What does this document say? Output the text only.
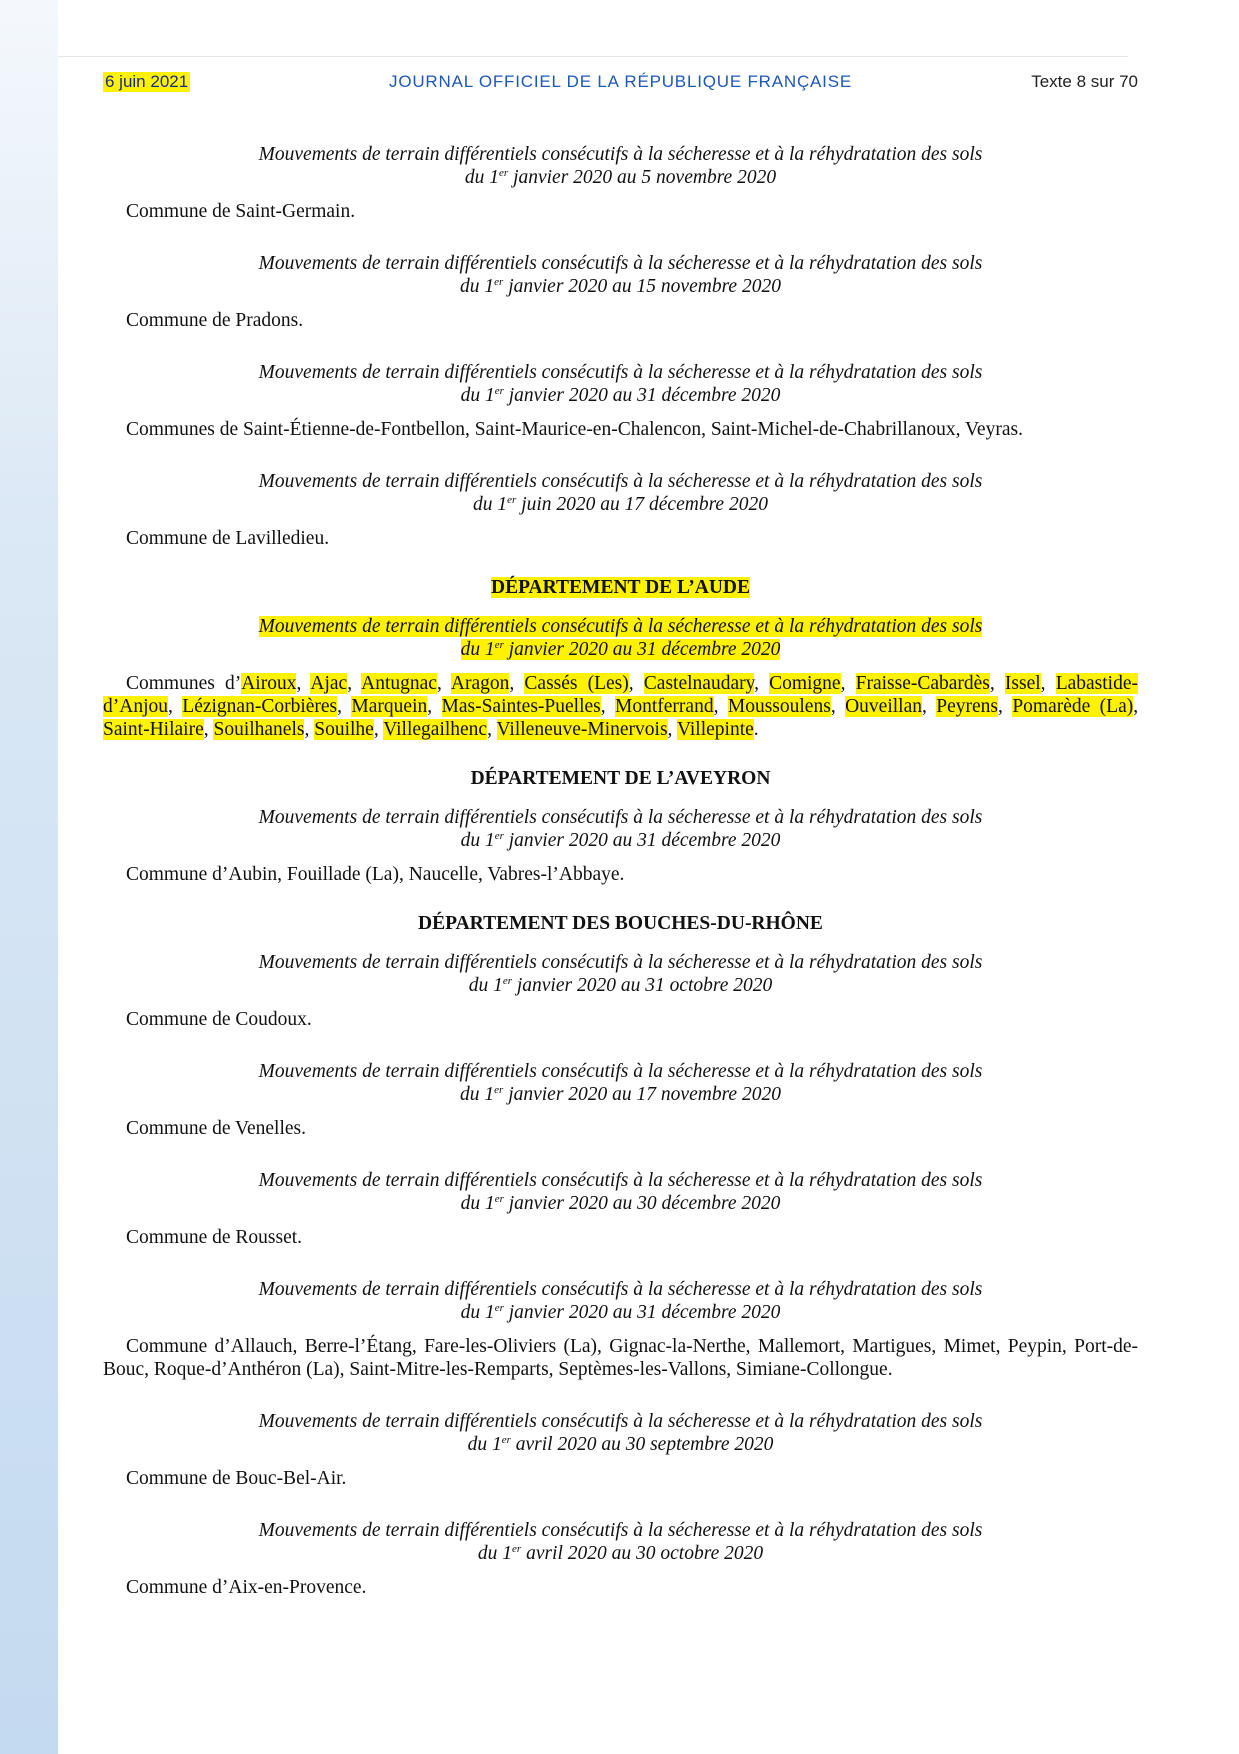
6 juin 2021	JOURNAL OFFICIEL DE LA RÉPUBLIQUE FRANÇAISE	Texte 8 sur 70
Mouvements de terrain différentiels consécutifs à la sécheresse et à la réhydratation des sols
du 1er janvier 2020 au 5 novembre 2020

Commune de Saint-Germain.

Mouvements de terrain différentiels consécutifs à la sécheresse et à la réhydratation des sols
du 1er janvier 2020 au 15 novembre 2020

Commune de Pradons.

Mouvements de terrain différentiels consécutifs à la sécheresse et à la réhydratation des sols
du 1er janvier 2020 au 31 décembre 2020

Communes de Saint-Étienne-de-Fontbellon, Saint-Maurice-en-Chalencon, Saint-Michel-de-Chabrillanoux, Veyras.

Mouvements de terrain différentiels consécutifs à la sécheresse et à la réhydratation des sols
du 1er juin 2020 au 17 décembre 2020

Commune de Lavilledieu.

DÉPARTEMENT DE L’AUDE
Mouvements de terrain différentiels consécutifs à la sécheresse et à la réhydratation des sols
du 1er janvier 2020 au 31 décembre 2020

Communes d’Airoux, Ajac, Antugnac, Aragon, Cassés (Les), Castelnaudary, Comigne, Fraisse-Cabardès, Issel, Labastide-d’Anjou, Lézignan-Corbières, Marquein, Mas-Saintes-Puelles, Montferrand, Moussoulens, Ouveillan, Peyrens, Pomarède (La), Saint-Hilaire, Souilhanels, Souilhe, Villegailhenc, Villeneuve-Minervois, Villepinte.

DÉPARTEMENT DE L’AVEYRON
Mouvements de terrain différentiels consécutifs à la sécheresse et à la réhydratation des sols
du 1er janvier 2020 au 31 décembre 2020

Commune d’Aubin, Fouillade (La), Naucelle, Vabres-l’Abbaye.

DÉPARTEMENT DES BOUCHES-DU-RHÔNE
Mouvements de terrain différentiels consécutifs à la sécheresse et à la réhydratation des sols
du 1er janvier 2020 au 31 octobre 2020

Commune de Coudoux.

Mouvements de terrain différentiels consécutifs à la sécheresse et à la réhydratation des sols
du 1er janvier 2020 au 17 novembre 2020

Commune de Venelles.

Mouvements de terrain différentiels consécutifs à la sécheresse et à la réhydratation des sols
du 1er janvier 2020 au 30 décembre 2020

Commune de Rousset.

Mouvements de terrain différentiels consécutifs à la sécheresse et à la réhydratation des sols
du 1er janvier 2020 au 31 décembre 2020

Commune d’Allauch, Berre-l’Étang, Fare-les-Oliviers (La), Gignac-la-Nerthe, Mallemort, Martigues, Mimet, Peypin, Port-de-Bouc, Roque-d’Anthéron (La), Saint-Mitre-les-Remparts, Septèmes-les-Vallons, Simiane-Collongue.

Mouvements de terrain différentiels consécutifs à la sécheresse et à la réhydratation des sols
du 1er avril 2020 au 30 septembre 2020

Commune de Bouc-Bel-Air.

Mouvements de terrain différentiels consécutifs à la sécheresse et à la réhydratation des sols
du 1er avril 2020 au 30 octobre 2020

Commune d’Aix-en-Provence.
